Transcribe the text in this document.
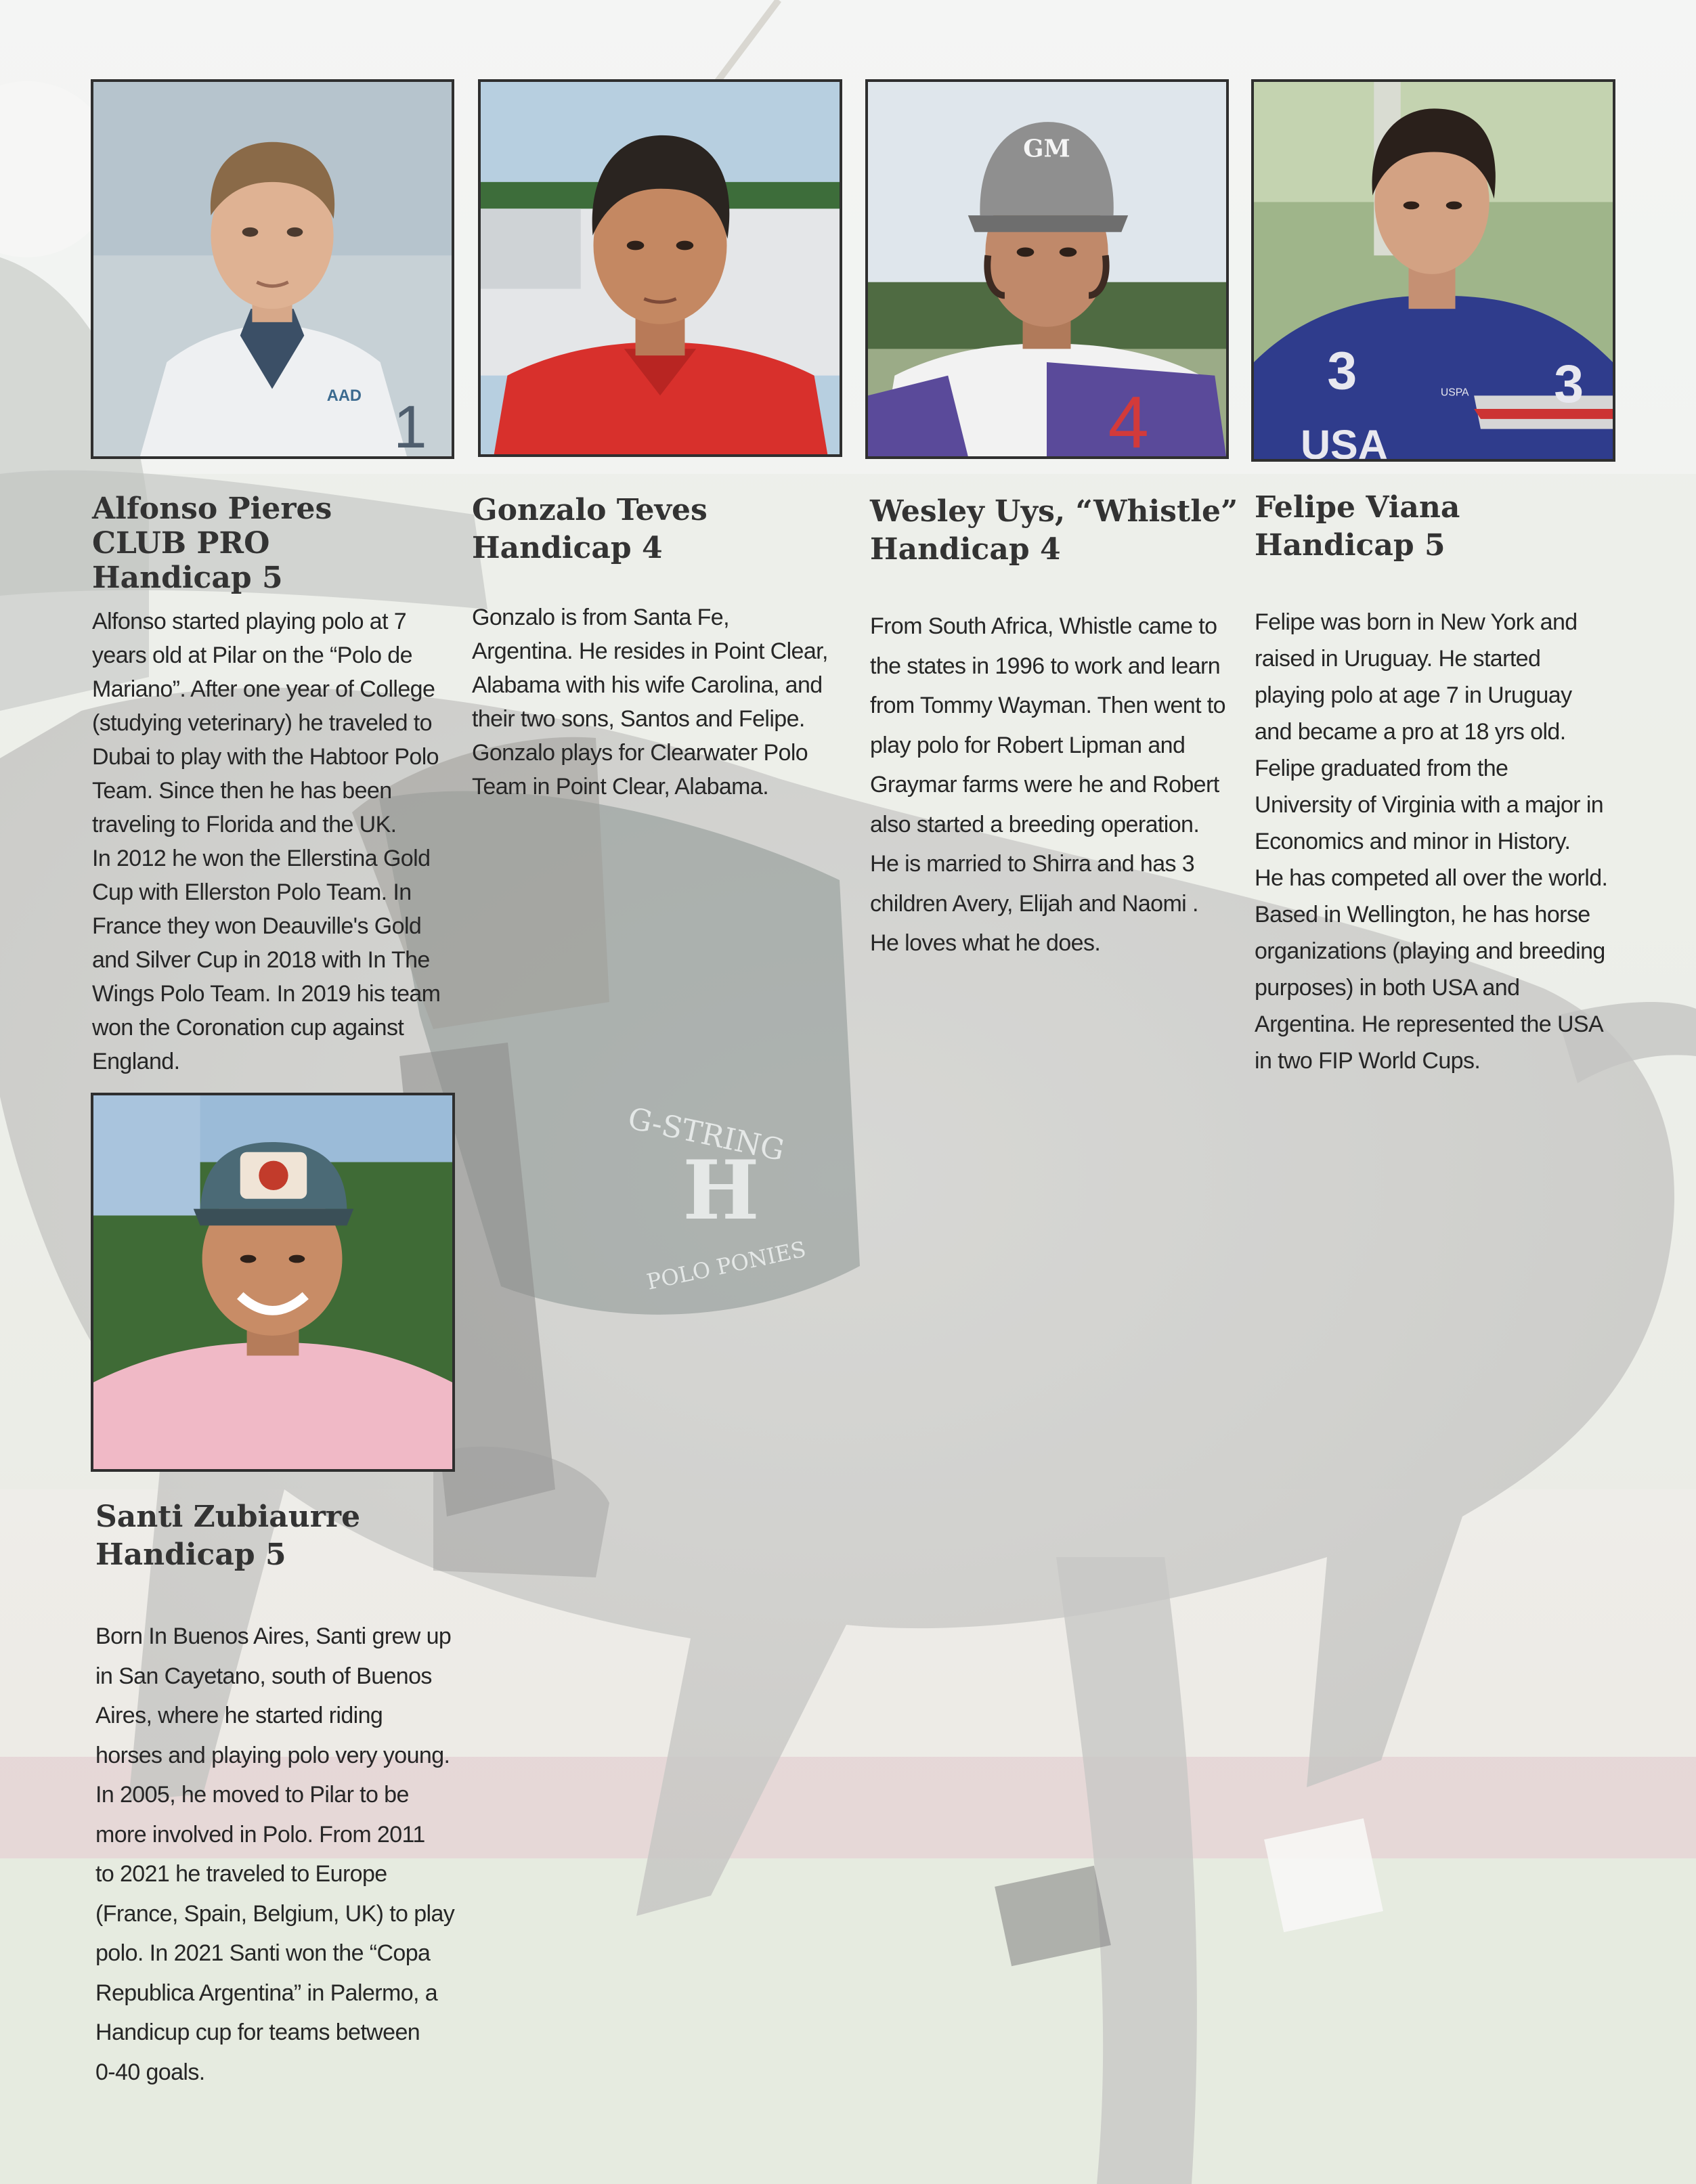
G-STRING
H
POLO PONIES
AAD 1
GM
4
3	3
USPA
USA
Alfonso Pieres
CLUB PRO
Handicap 5
Gonzalo Teves
Handicap 4
Wesley Uys, “Whistle”
Handicap 4
Felipe Viana
Handicap 5
Santi Zubiaurre
Handicap 5

Alfonso started playing polo at 7
years old at Pilar on the “Polo de
Mariano”. After one year of College
(studying veterinary) he traveled to
Dubai to play with the Habtoor Polo
Team. Since then he has been
traveling to Florida and the UK.
In 2012 he won the Ellerstina Gold
Cup with Ellerston Polo Team. In
France they won Deauville's Gold
and Silver Cup in 2018 with In The
Wings Polo Team. In 2019 his team
won the Coronation cup against
England.

Gonzalo is from Santa Fe,
Argentina. He resides in Point Clear,
Alabama with his wife Carolina, and
their two sons, Santos and Felipe.
Gonzalo plays for Clearwater Polo
Team in Point Clear, Alabama.

From South Africa, Whistle came to
the states in 1996 to work and learn
from Tommy Wayman. Then went to
play polo for Robert Lipman and
Graymar farms were he and Robert
also started a breeding operation.
He is married to Shirra and has 3
children Avery, Elijah and Naomi .
He loves what he does.

Felipe was born in New York and
raised in Uruguay. He started
playing polo at age 7 in Uruguay
and became a pro at 18 yrs old.
Felipe graduated from the
University of Virginia with a major in
Economics and minor in History.
He has competed all over the world.
Based in Wellington, he has horse
organizations (playing and breeding
purposes) in both USA and
Argentina. He represented the USA
in two FIP World Cups.

Born In Buenos Aires, Santi grew up
in San Cayetano, south of Buenos
Aires, where he started riding
horses and playing polo very young.
In 2005, he moved to Pilar to be
more involved in Polo. From 2011
to 2021 he traveled to Europe
(France, Spain, Belgium, UK) to play
polo. In 2021 Santi won the “Copa
Republica Argentina” in Palermo, a
Handicup cup for teams between
0-40 goals.
